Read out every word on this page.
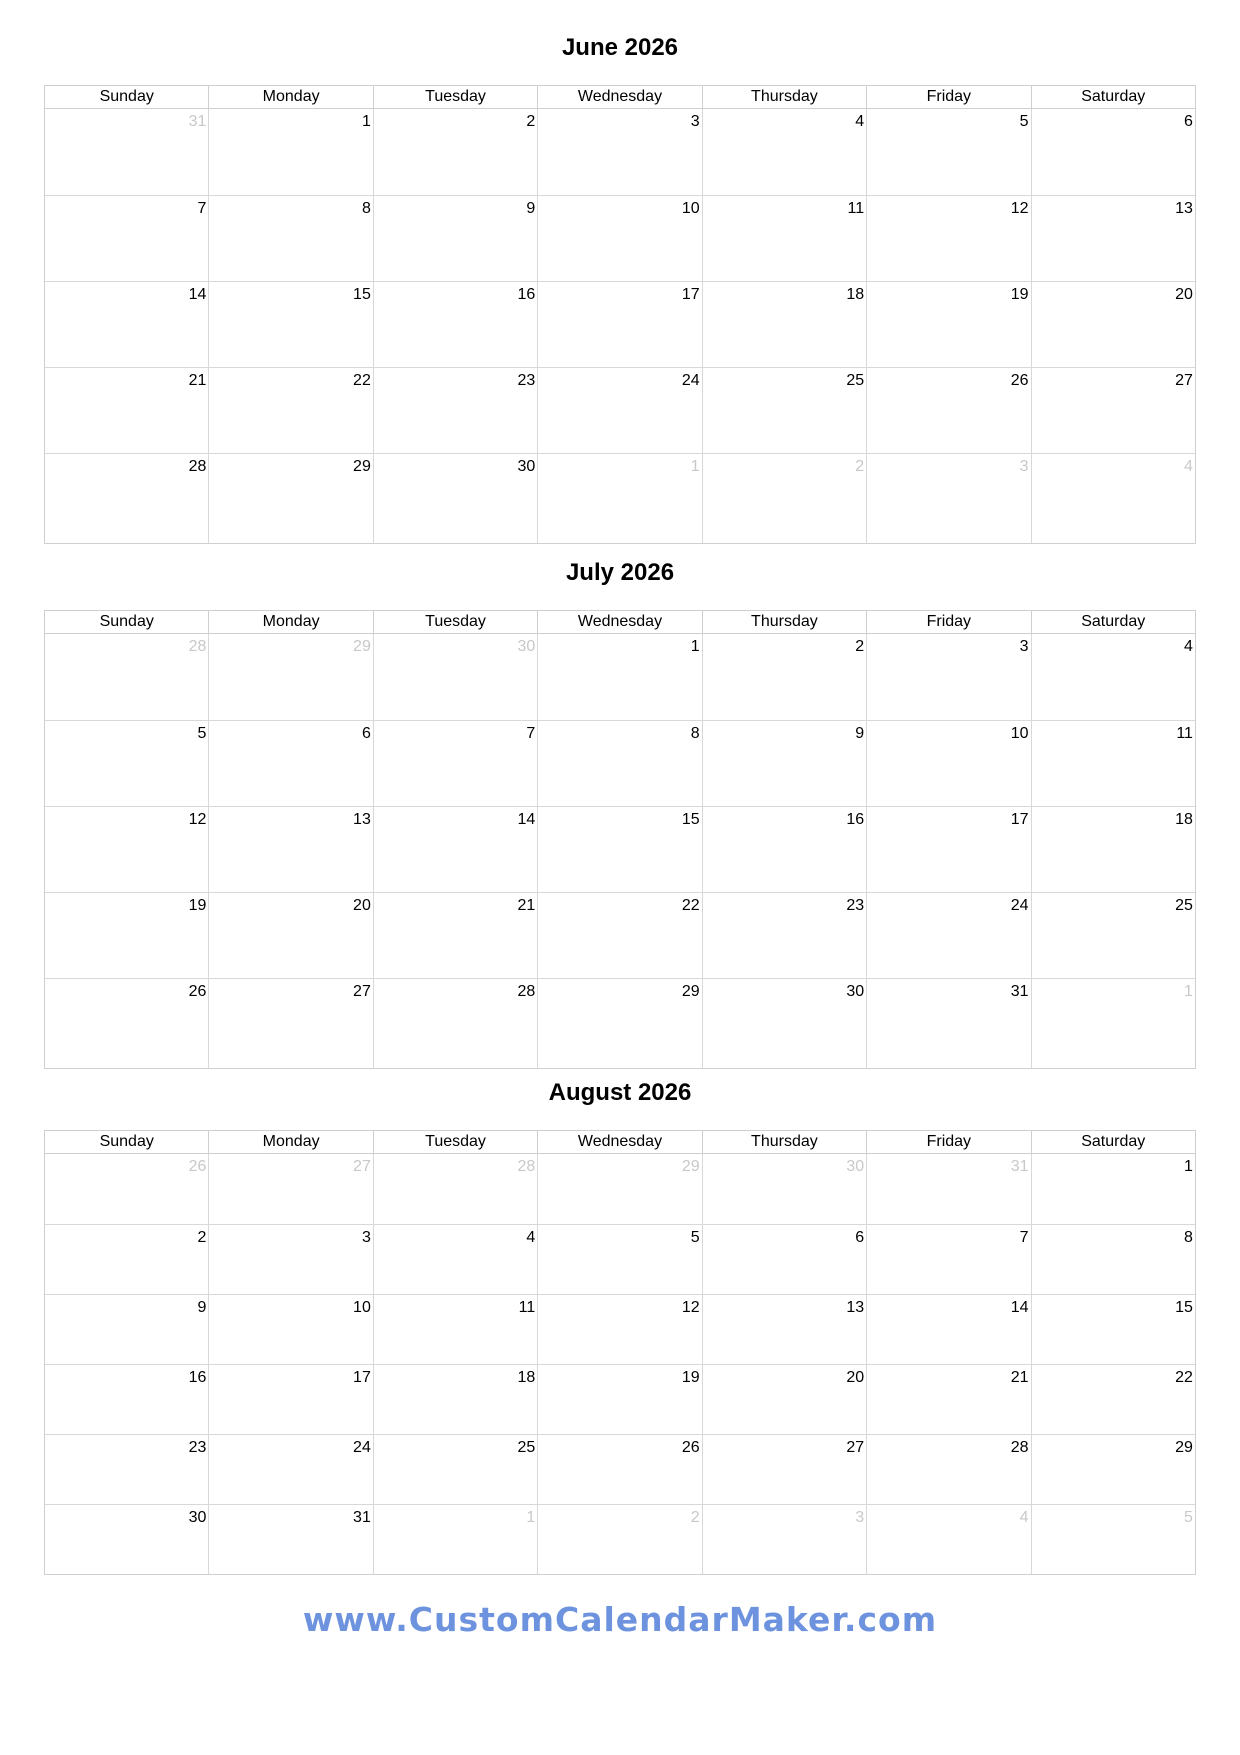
June 2026
Sunday	Monday	Tuesday	Wednesday	Thursday	Friday	Saturday
31	1	2	3	4	5	6
7	8	9	10	11	12	13
14	15	16	17	18	19	20
21	22	23	24	25	26	27
28	29	30	1	2	3	4
July 2026
Sunday	Monday	Tuesday	Wednesday	Thursday	Friday	Saturday
28	29	30	1	2	3	4
5	6	7	8	9	10	11
12	13	14	15	16	17	18
19	20	21	22	23	24	25
26	27	28	29	30	31	1
August 2026
Sunday	Monday	Tuesday	Wednesday	Thursday	Friday	Saturday
26	27	28	29	30	31	1
2	3	4	5	6	7	8
9	10	11	12	13	14	15
16	17	18	19	20	21	22
23	24	25	26	27	28	29
30	31	1	2	3	4	5
www.CustomCalendarMaker.com
